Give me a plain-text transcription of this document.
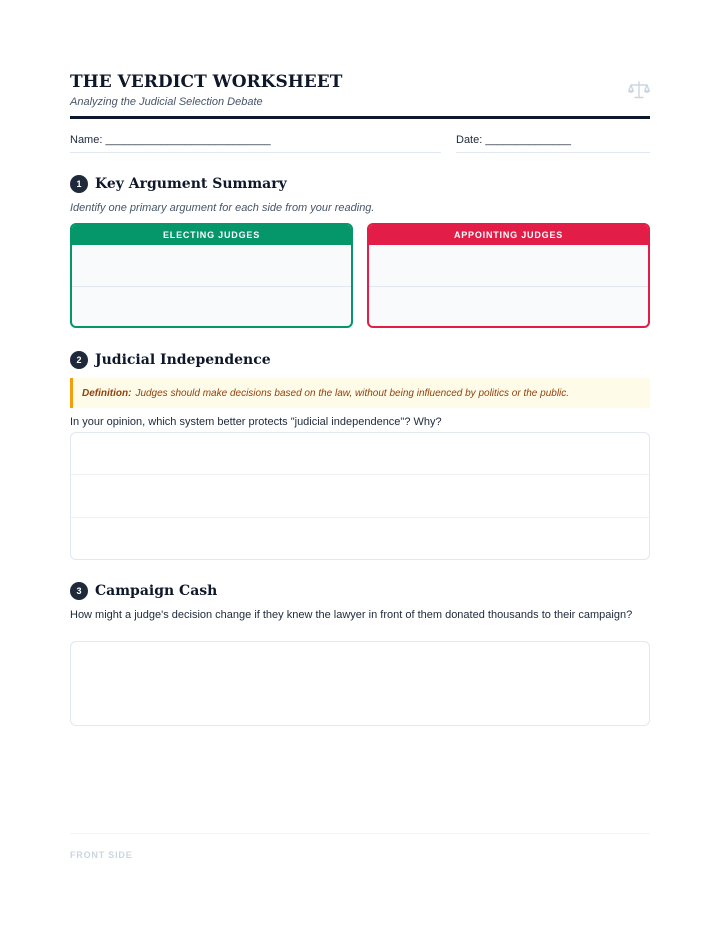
THE VERDICT WORKSHEET
Analyzing the Judicial Selection Debate
Name: ___________________________	Date: ______________
1 Key Argument Summary
Identify one primary argument for each side from your reading.
ELECTING JUDGES	APPOINTING JUDGES
2 Judicial Independence
Definition: Judges should make decisions based on the law, without being influenced by politics or the public.
In your opinion, which system better protects "judicial independence"? Why?
3 Campaign Cash
How might a judge's decision change if they knew the lawyer in front of them donated thousands to their campaign?
FRONT SIDE
